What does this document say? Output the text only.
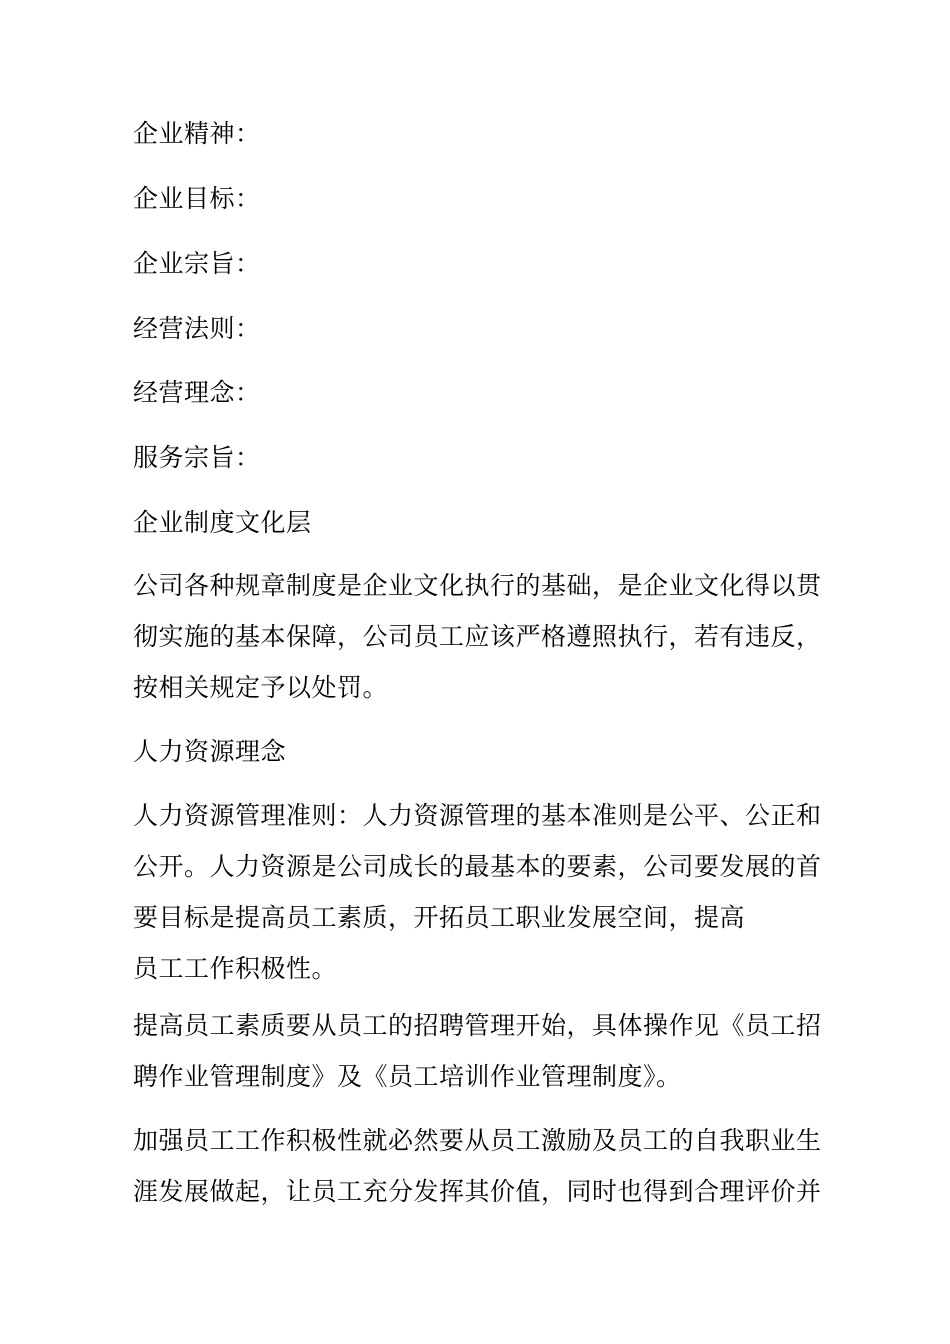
企业精神：
企业目标：
企业宗旨：
经营法则：
经营理念：
服务宗旨：
企业制度文化层
公司各种规章制度是企业文化执行的基础，是企业文化得以贯
彻实施的基本保障，公司员工应该严格遵照执行，若有违反，
按相关规定予以处罚。
人力资源理念
人力资源管理准则：人力资源管理的基本准则是公平、公正和
公开。人力资源是公司成长的最基本的要素，公司要发展的首
要目标是提高员工素质，开拓员工职业发展空间，提高
员工工作积极性。
提高员工素质要从员工的招聘管理开始，具体操作见《员工招
聘作业管理制度》及《员工培训作业管理制度》。
加强员工工作积极性就必然要从员工激励及员工的自我职业生
涯发展做起，让员工充分发挥其价值，同时也得到合理评价并
